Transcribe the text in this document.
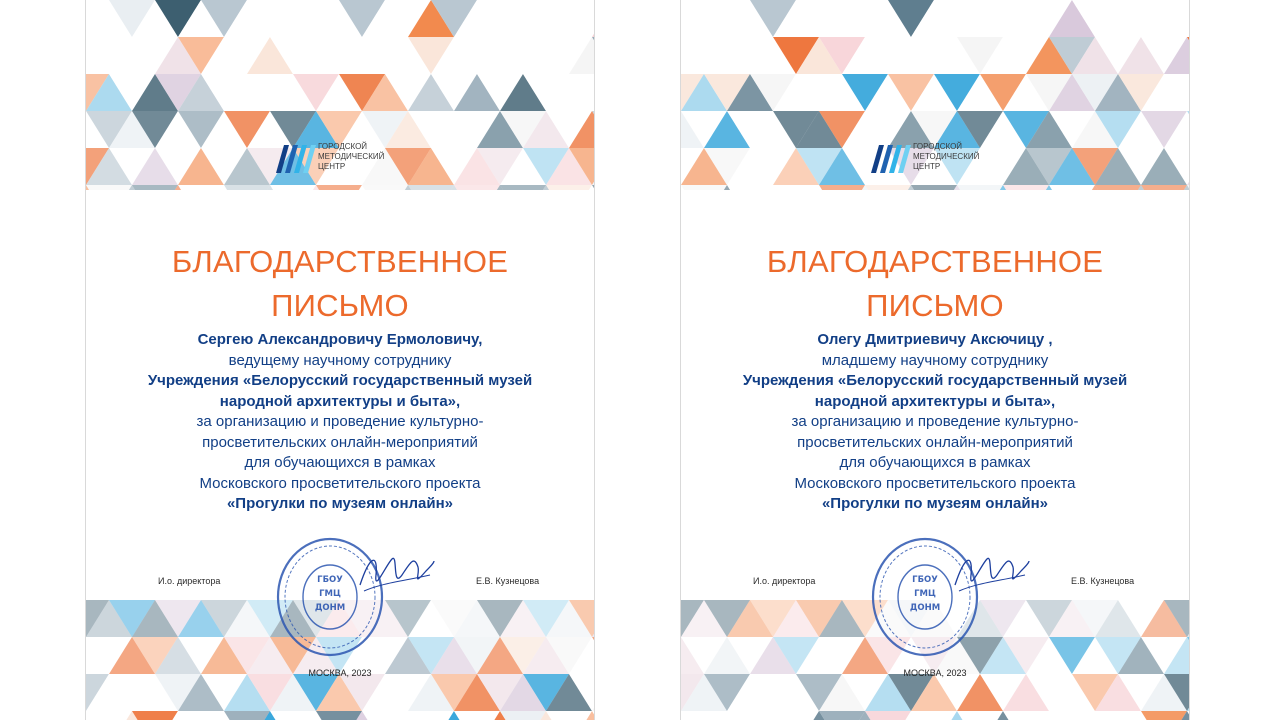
ГОРОДСКОЙ
МЕТОДИЧЕСКИЙ
ЦЕНТР
БЛАГОДАРСТВЕННОЕ
ПИСЬМО
Сергею Александровичу Ермоловичу,
ведущему научному сотруднику
Учреждения «Белорусский государственный музей
народной архитектуры и быта»,
за организацию и проведение культурно-
просветительских онлайн-мероприятий
для обучающихся в рамках
Московского просветительского проекта
«Прогулки по музеям онлайн»
И.о. директора	ГБОУ
ГМЦ
ДОНМ
Е.В. Кузнецова
МОСКВА, 2023
ГОРОДСКОЙ
МЕТОДИЧЕСКИЙ
ЦЕНТР
БЛАГОДАРСТВЕННОЕ
ПИСЬМО
Олегу Дмитриевичу Аксючицу ,
младшему научному сотруднику
Учреждения «Белорусский государственный музей
народной архитектуры и быта»,
за организацию и проведение культурно-
просветительских онлайн-мероприятий
для обучающихся в рамках
Московского просветительского проекта
«Прогулки по музеям онлайн»
И.о. директора	ГБОУ
ГМЦ
ДОНМ
Е.В. Кузнецова
МОСКВА, 2023
